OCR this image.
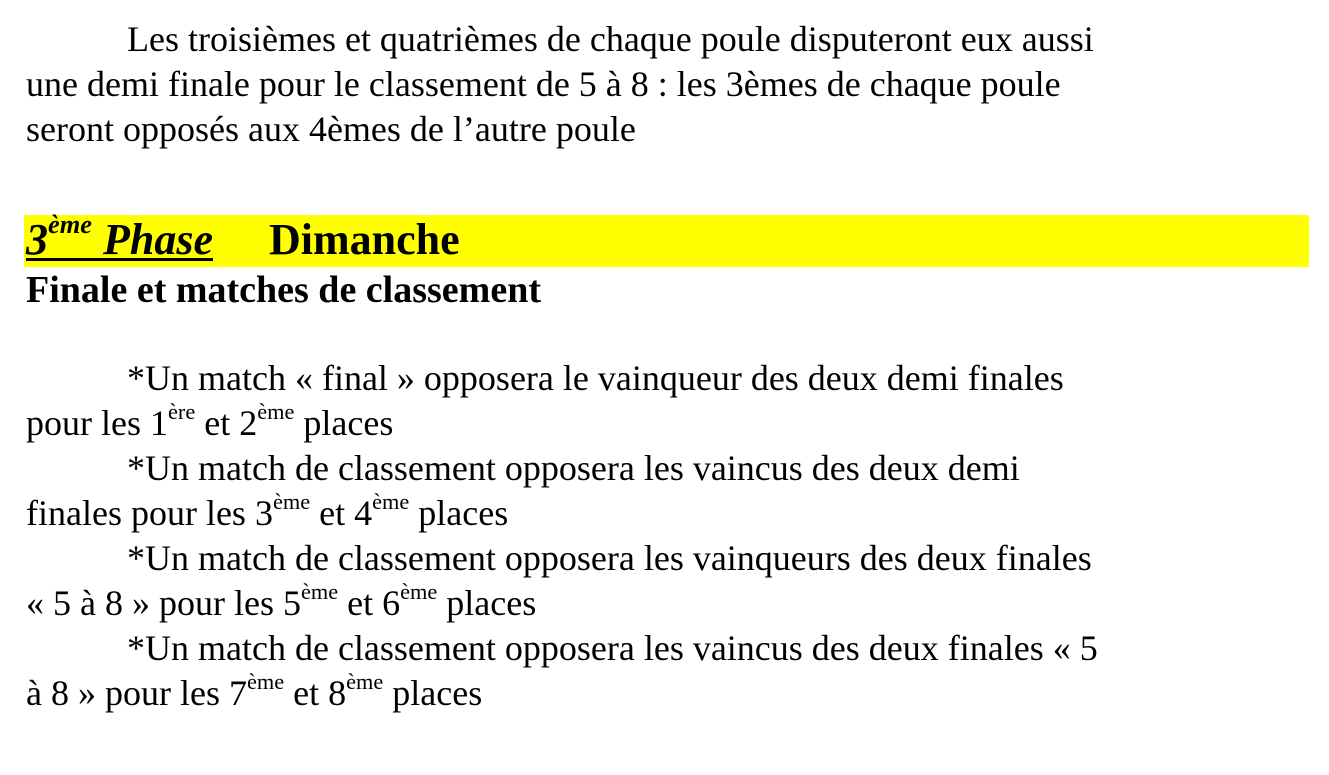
Les troisièmes et quatrièmes de chaque poule disputeront eux aussi
une demi finale pour le classement de 5 à 8 : les 3èmes de chaque poule
seront opposés aux 4èmes de l’autre poule
3ème Phase Dimanche
Finale et matches de classement
*Un match « final » opposera le vainqueur des deux demi finales
pour les 1ère et 2ème places
*Un match de classement opposera les vaincus des deux demi
finales pour les 3ème et 4ème places
*Un match de classement opposera les vainqueurs des deux finales
« 5 à 8 » pour les 5ème et 6ème places
*Un match de classement opposera les vaincus des deux finales « 5
à 8 » pour les 7ème et 8ème places
